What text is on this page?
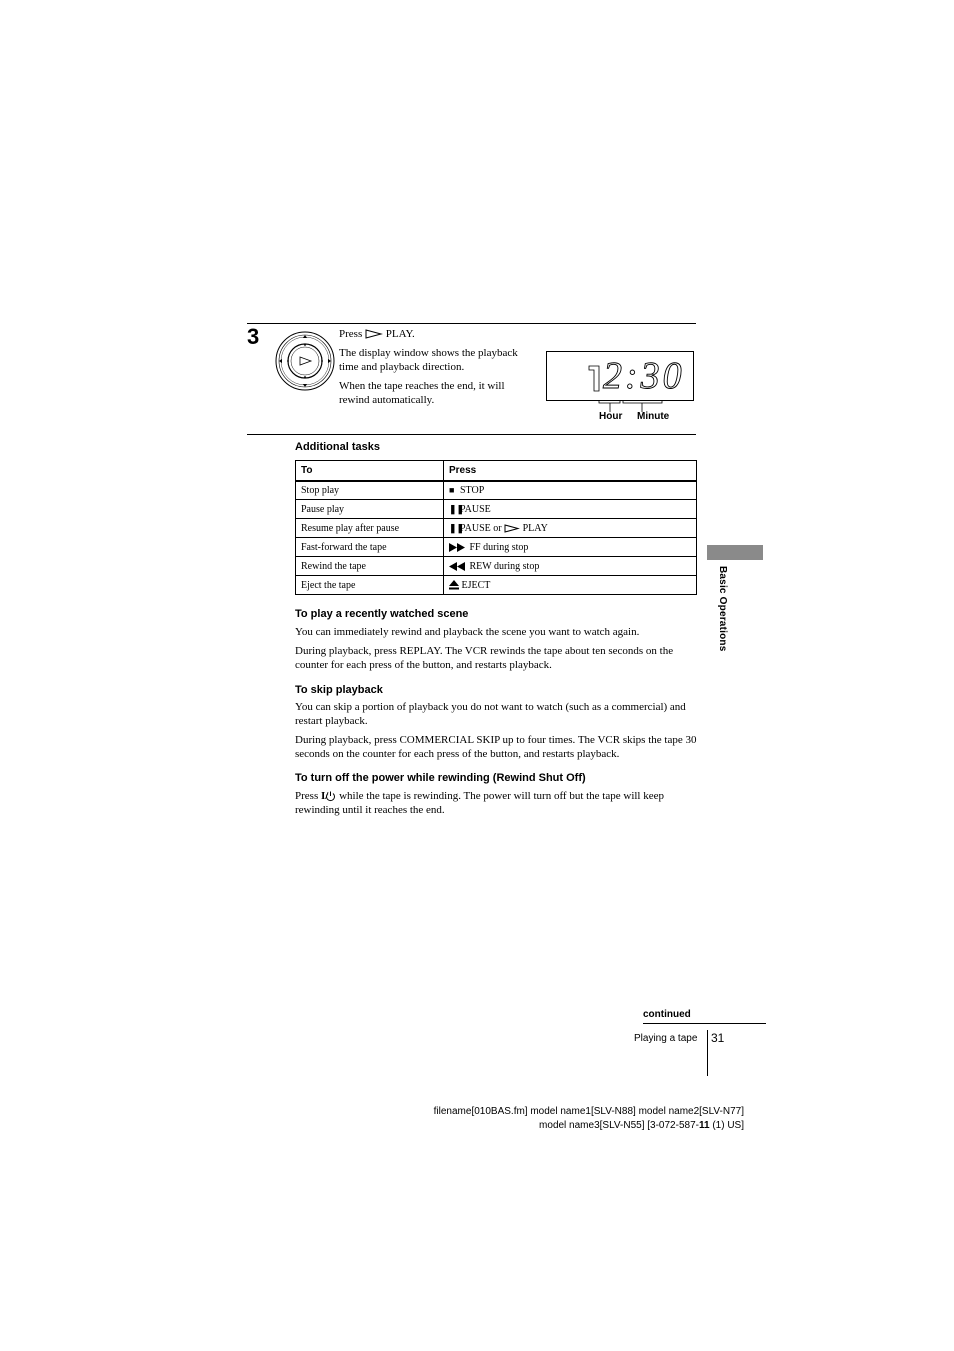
3	Press PLAY.
The display window shows the playback time and playback direction.
When the tape reaches the end, it will rewind automatically.
2:30
Hour Minute
Additional tasks
To	Press
Stop play	■ STOP
Pause play	❚❚PAUSE
Resume play after pause	❚❚PAUSE or PLAY
Fast-forward the tape	FF during stop
Rewind the tape	REW during stop
Eject the tape	EJECT
To play a recently watched scene
You can immediately rewind and playback the scene you want to watch again.
During playback, press REPLAY. The VCR rewinds the tape about ten seconds on the counter for each press of the button, and restarts playback.
To skip playback
You can skip a portion of playback you do not want to watch (such as a commercial) and restart playback.
During playback, press COMMERCIAL SKIP up to four times. The VCR skips the tape 30 seconds on the counter for each press of the button, and restarts playback.
To turn off the power while rewinding (Rewind Shut Off)
Press I/ while the tape is rewinding. The power will turn off but the tape will keep rewinding until it reaches the end.
Basic Operations
continued
Playing a tape 31
filename[010BAS.fm] model name1[SLV-N88] model name2[SLV-N77]
model name3[SLV-N55] [3-072-587-11 (1) US]
